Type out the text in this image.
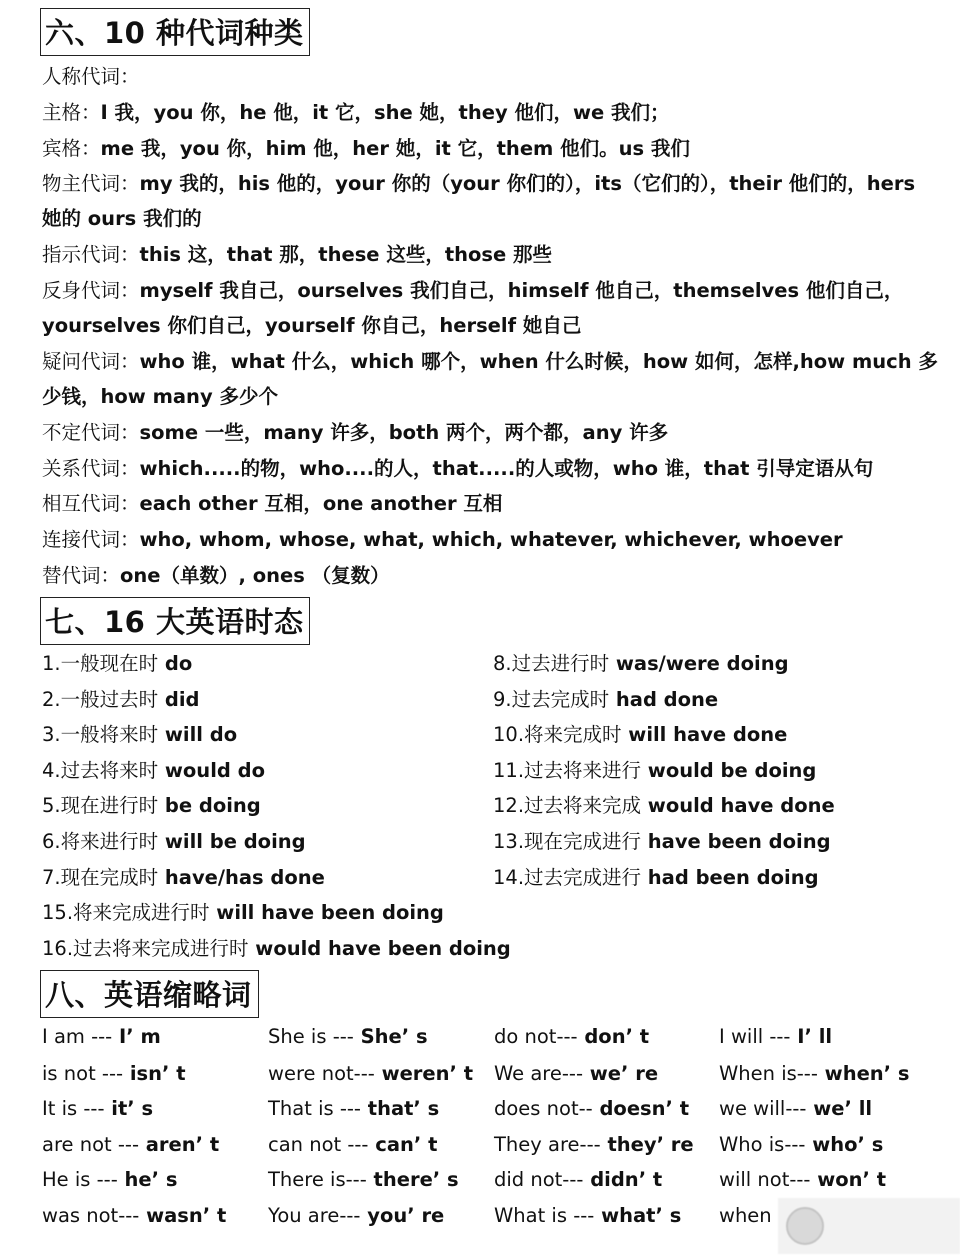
六、10 种代词种类
人称代词：
主格：I 我，you 你，he 他，it 它，she 她，they 他们，we 我们；
宾格：me 我，you 你，him 他，her 她，it 它，them 他们。us 我们
物主代词：my 我的，his 他的，your 你的（your 你们的），its（它们的），their 他们的，hers
她的 ours 我们的
指示代词：this 这，that 那，these 这些，those 那些
反身代词：myself 我自己，ourselves 我们自己，himself 他自己，themselves 他们自己，
yourselves 你们自己，yourself 你自己，herself 她自己
疑问代词：who 谁，what 什么，which 哪个，when 什么时候，how 如何，怎样,how much 多
少钱，how many 多少个
不定代词：some 一些，many 许多，both 两个，两个都，any 许多
关系代词：which.....的物，who....的人，that.....的人或物，who 谁，that 引导定语从句
相互代词：each other 互相，one another 互相
连接代词：who, whom, whose, what, which, whatever, whichever, whoever
替代词：one（单数）, ones （复数）
七、16 大英语时态
1.一般现在时 do
2.一般过去时 did
3.一般将来时 will do
4.过去将来时 would do
5.现在进行时 be doing
6.将来进行时 will be doing
7.现在完成时 have/has done
8.过去进行时 was/were doing
9.过去完成时 had done
10.将来完成时 will have done
11.过去将来进行 would be doing
12.过去将来完成 would have done
13.现在完成进行 have been doing
14.过去完成进行 had been doing
15.将来完成进行时 will have been doing
16.过去将来完成进行时 would have been doing
八、英语缩略词
I am --- I’ m
is not --- isn’ t
It is --- it’ s
are not --- aren’ t
He is --- he’ s
was not--- wasn’ t
She is --- She’ s
were not--- weren’ t
That is --- that’ s
can not --- can’ t
There is--- there’ s
You are--- you’ re
do not--- don’ t
We are--- we’ re
does not-- doesn’ t
They are--- they’ re
did not--- didn’ t
What is --- what’ s
I will --- I’ ll
When is--- when’ s
we will--- we’ ll
Who is--- who’ s
will not--- won’ t
when
